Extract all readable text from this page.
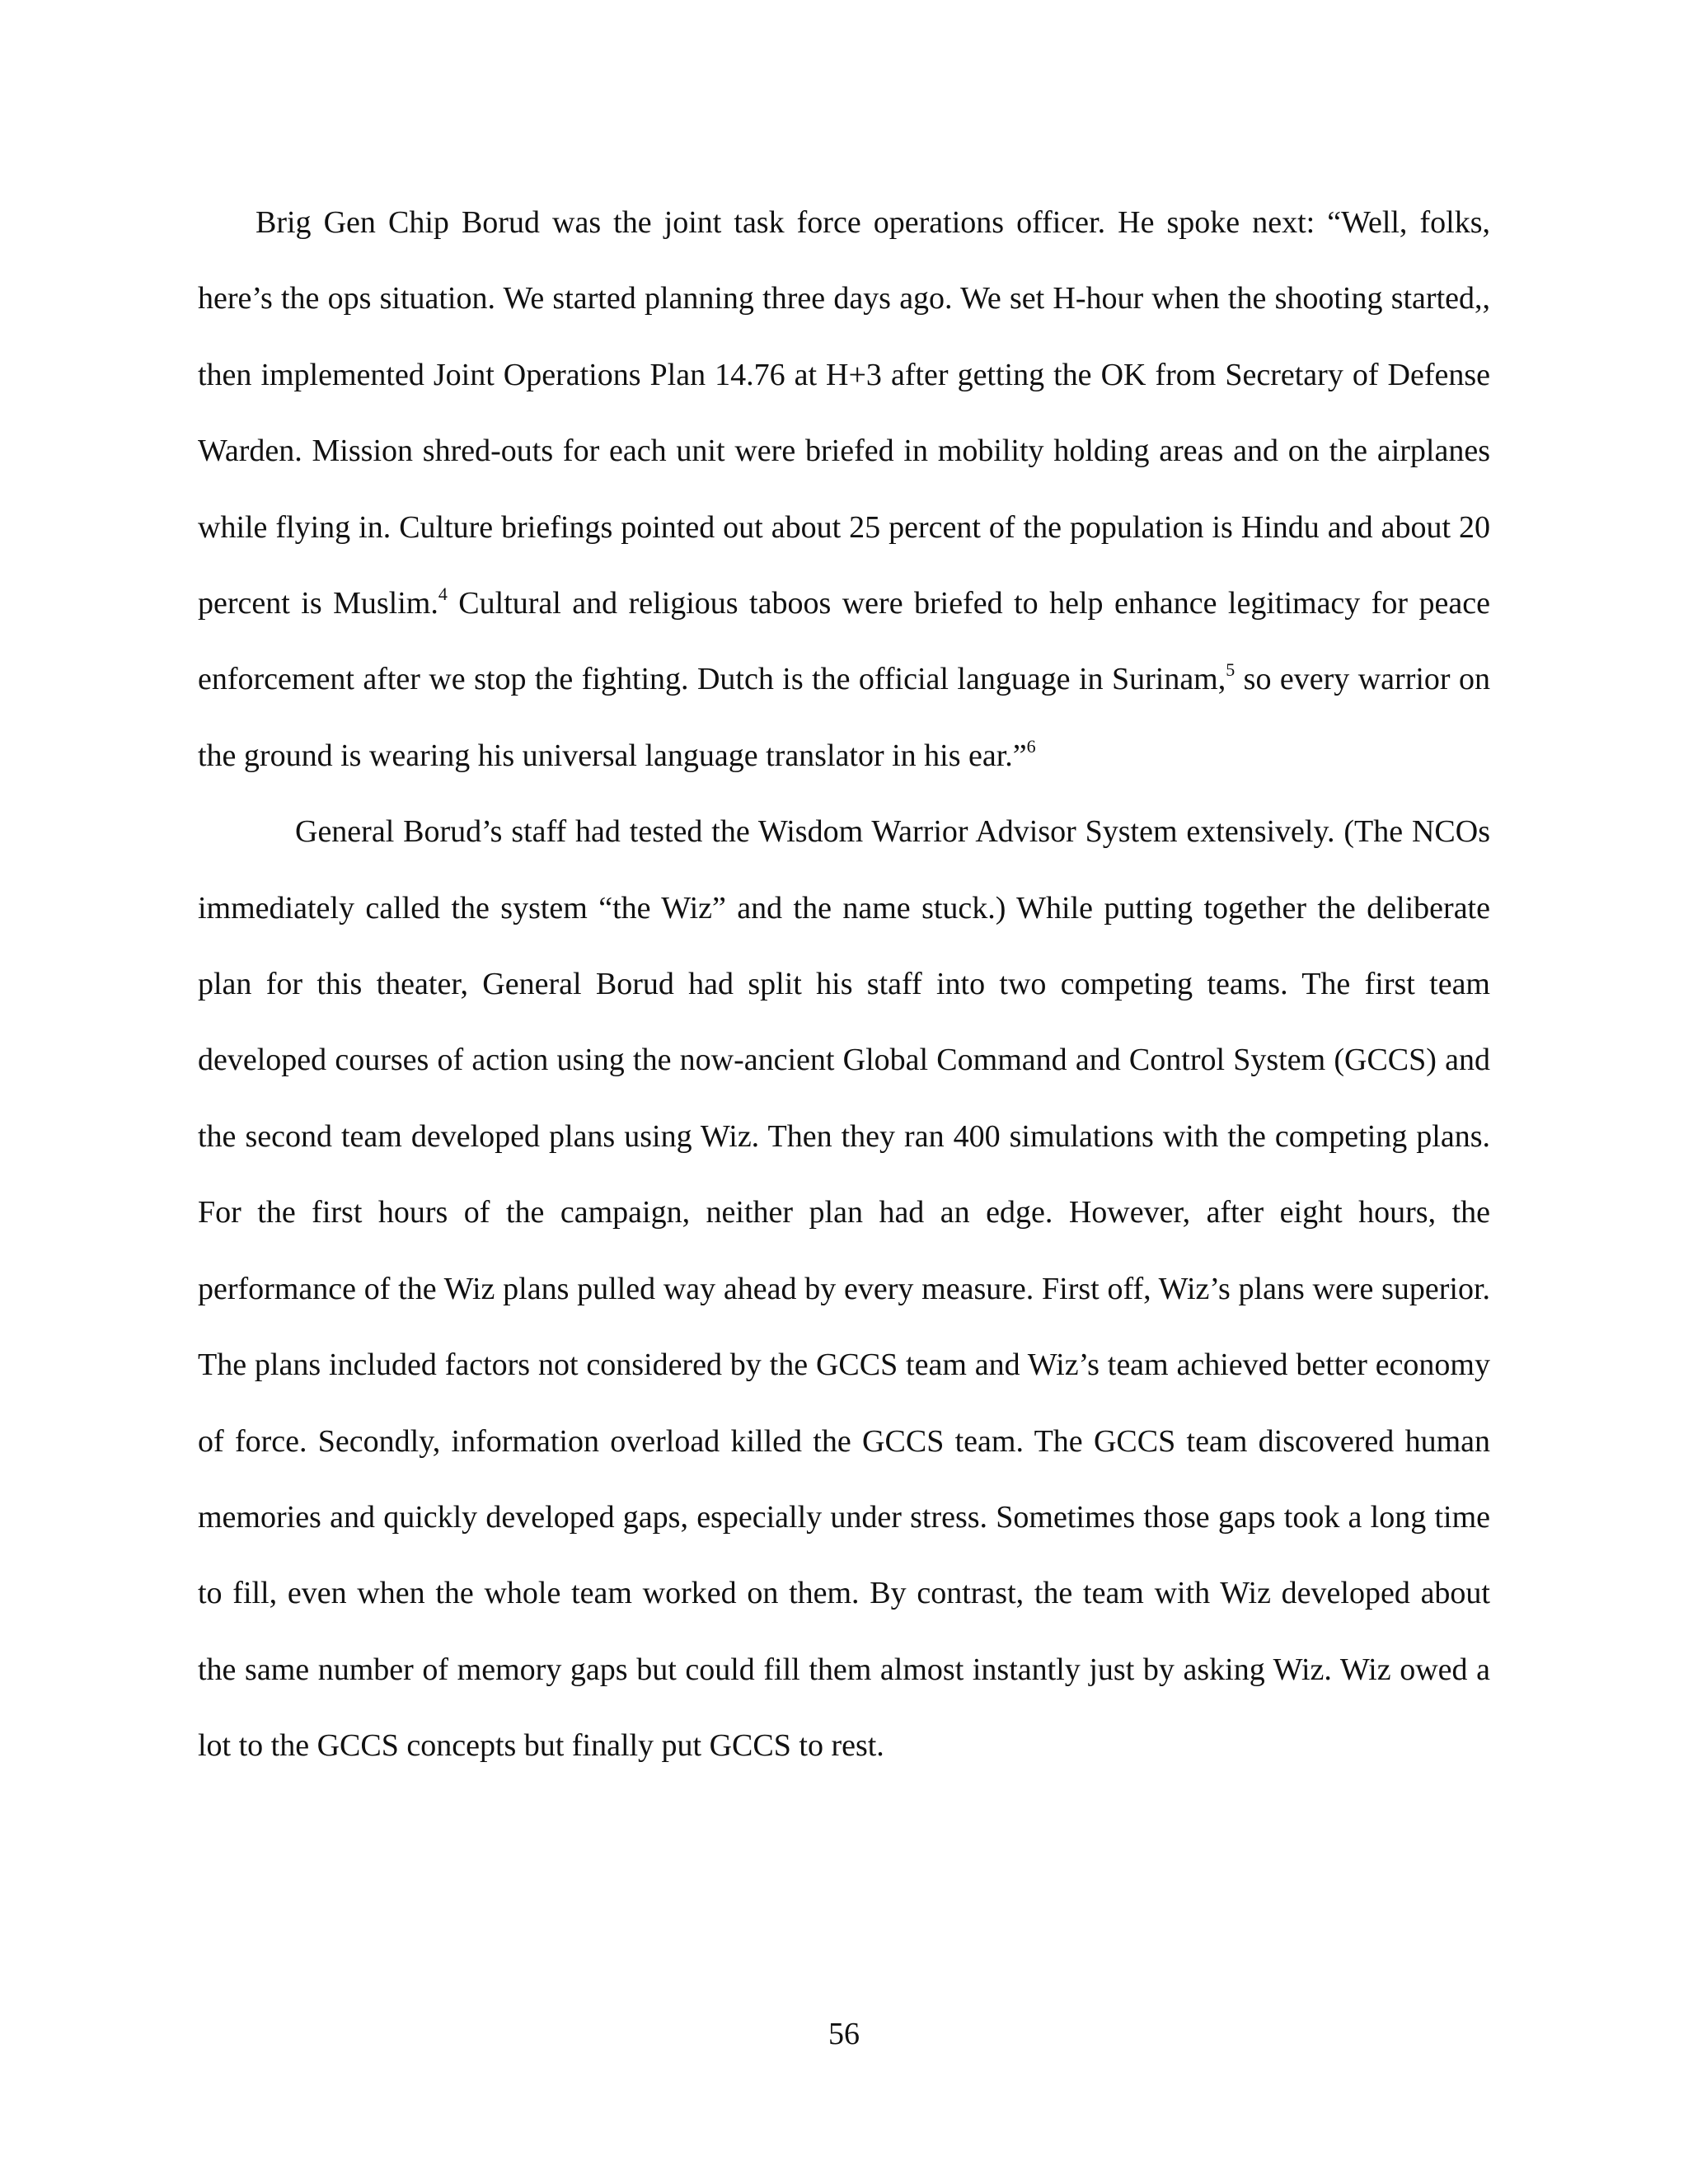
Brig Gen Chip Borud was the joint task force operations officer. He spoke next: “Well, folks, here’s the ops situation. We started planning three days ago. We set H-hour when the shooting started,, then implemented Joint Operations Plan 14.76 at H+3 after getting the OK from Secretary of Defense Warden. Mission shred-outs for each unit were briefed in mobility holding areas and on the airplanes while flying in. Culture briefings pointed out about 25 percent of the population is Hindu and about 20 percent is Muslim.$^4$ Cultural and religious taboos were briefed to help enhance legitimacy for peace enforcement after we stop the fighting. Dutch is the official language in Surinam,$^5$ so every warrior on the ground is wearing his universal language translator in his ear.”$^6$

General Borud’s staff had tested the Wisdom Warrior Advisor System extensively. (The NCOs immediately called the system “the Wiz” and the name stuck.) While putting together the deliberate plan for this theater, General Borud had split his staff into two competing teams. The first team developed courses of action using the now-ancient Global Command and Control System (GCCS) and the second team developed plans using Wiz. Then they ran 400 simulations with the competing plans. For the first hours of the campaign, neither plan had an edge. However, after eight hours, the performance of the Wiz plans pulled way ahead by every measure. First off, Wiz’s plans were superior. The plans included factors not considered by the GCCS team and Wiz’s team achieved better economy of force. Secondly, information overload killed the GCCS team. The GCCS team discovered human memories and quickly developed gaps, especially under stress. Sometimes those gaps took a long time to fill, even when the whole team worked on them. By contrast, the team with Wiz developed about the same number of memory gaps but could fill them almost instantly just by asking Wiz. Wiz owed a lot to the GCCS concepts but finally put GCCS to rest.

56
